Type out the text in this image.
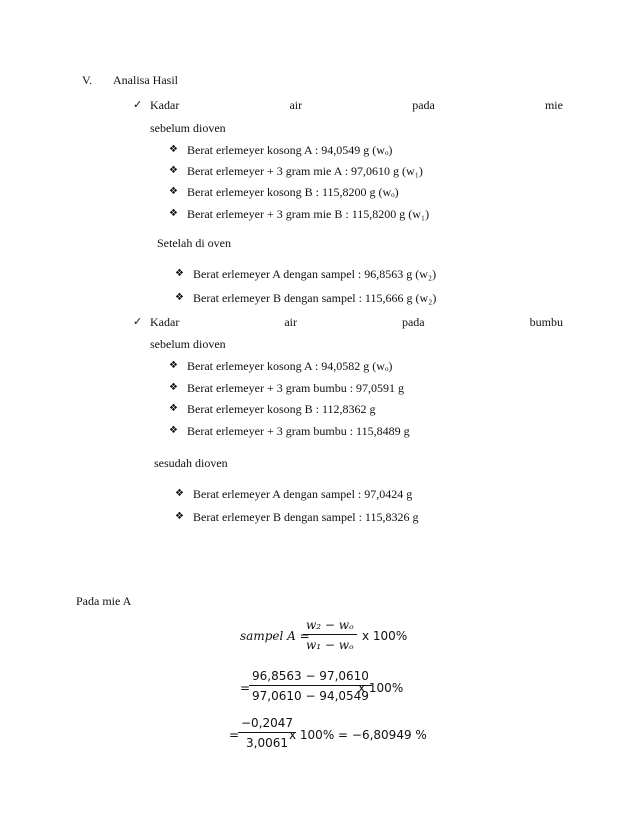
V. Analisa Hasil
✓ Kadar	air	pada	mie
sebelum dioven
❖ Berat erlemeyer kosong A : 94,0549 g (wₒ)
❖ Berat erlemeyer + 3 gram mie A : 97,0610 g (w₁)
❖ Berat erlemeyer kosong B : 115,8200 g (wₒ)
❖ Berat erlemeyer + 3 gram mie B : 115,8200 g (w₁)
Setelah di oven
❖ Berat erlemeyer A dengan sampel : 96,8563 g (w₂)
❖ Berat erlemeyer B dengan sampel : 115,666 g (w₂)
✓ Kadar	air	pada	bumbu
sebelum dioven
❖ Berat erlemeyer kosong A : 94,0582 g (wₒ)
❖ Berat erlemeyer + 3 gram bumbu : 97,0591 g
❖ Berat erlemeyer kosong B : 112,8362 g
❖ Berat erlemeyer + 3 gram bumbu : 115,8489 g
sesudah dioven
❖ Berat erlemeyer A dengan sampel : 97,0424 g
❖ Berat erlemeyer B dengan sampel : 115,8326 g
Pada mie A
sampel A =
$\frac{\text{w₂ − wₒ}}{\text{w₁ − wₒ}}$ x 100%
=
$\frac{96,8563 - 97,0610}{97,0610 - 94,0549}$
x 100%
=
$\frac{-0,2047}{3,0061}$
x 100% = −6,80949 %
